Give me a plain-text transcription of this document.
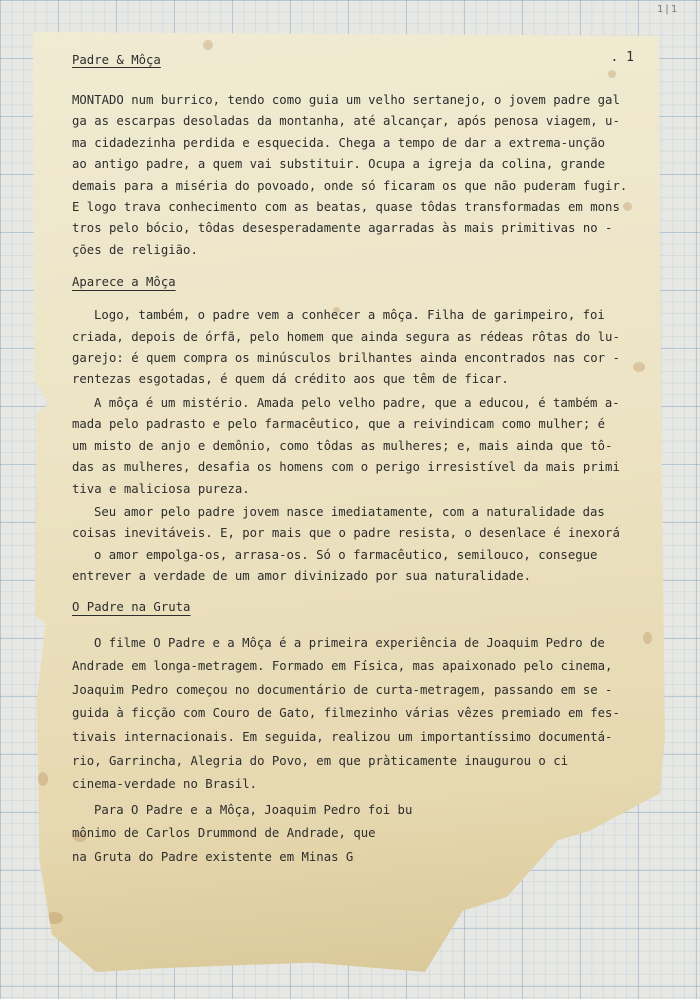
1|1
Padre & Môça	. 1

MONTADO num burrico, tendo como guia um velho sertanejo, o jovem padre gal
ga as escarpas desoladas da montanha, até alcançar, após penosa viagem, u-
ma cidadezinha perdida e esquecida. Chega a tempo de dar a extrema-unção
ao antigo padre, a quem vai substituir. Ocupa a igreja da colina, grande
demais para a miséria do povoado, onde só ficaram os que não puderam fugir.
E logo trava conhecimento com as beatas, quase tôdas transformadas em mons
tros pelo bócio, tôdas desesperadamente agarradas às mais primitivas no -
ções de religião.

Aparece a Môça

Logo, também, o padre vem a conhecer a môça. Filha de garimpeiro, foi
criada, depois de órfã, pelo homem que ainda segura as rédeas rôtas do lu-
garejo: é quem compra os minúsculos brilhantes ainda encontrados nas cor -
rentezas esgotadas, é quem dá crédito aos que têm de ficar.

A môça é um mistério. Amada pelo velho padre, que a educou, é também a-
mada pelo padrasto e pelo farmacêutico, que a reivindicam como mulher; é
um misto de anjo e demônio, como tôdas as mulheres; e, mais ainda que tô-
das as mulheres, desafia os homens com o perigo irresistível da mais primi
tiva e maliciosa pureza.

Seu amor pelo padre jovem nasce imediatamente, com a naturalidade das
coisas inevitáveis. E, por mais que o padre resista, o desenlace é inexorá
o amor empolga-os, arrasa-os. Só o farmacêutico, semilouco, consegue
entrever a verdade de um amor divinizado por sua naturalidade.

O Padre na Gruta

O filme O Padre e a Môça é a primeira experiência de Joaquim Pedro de
Andrade em longa-metragem. Formado em Física, mas apaixonado pelo cinema,
Joaquim Pedro começou no documentário de curta-metragem, passando em se -
guida à ficção com Couro de Gato, filmezinho várias vêzes premiado em fes-
tivais internacionais. Em seguida, realizou um importantíssimo documentá-
rio, Garrincha, Alegria do Povo, em que pràticamente inaugurou o ci
cinema-verdade no Brasil.

Para O Padre e a Môça, Joaquim Pedro foi bu
mônimo de Carlos Drummond de Andrade, que
na Gruta do Padre existente em Minas G
